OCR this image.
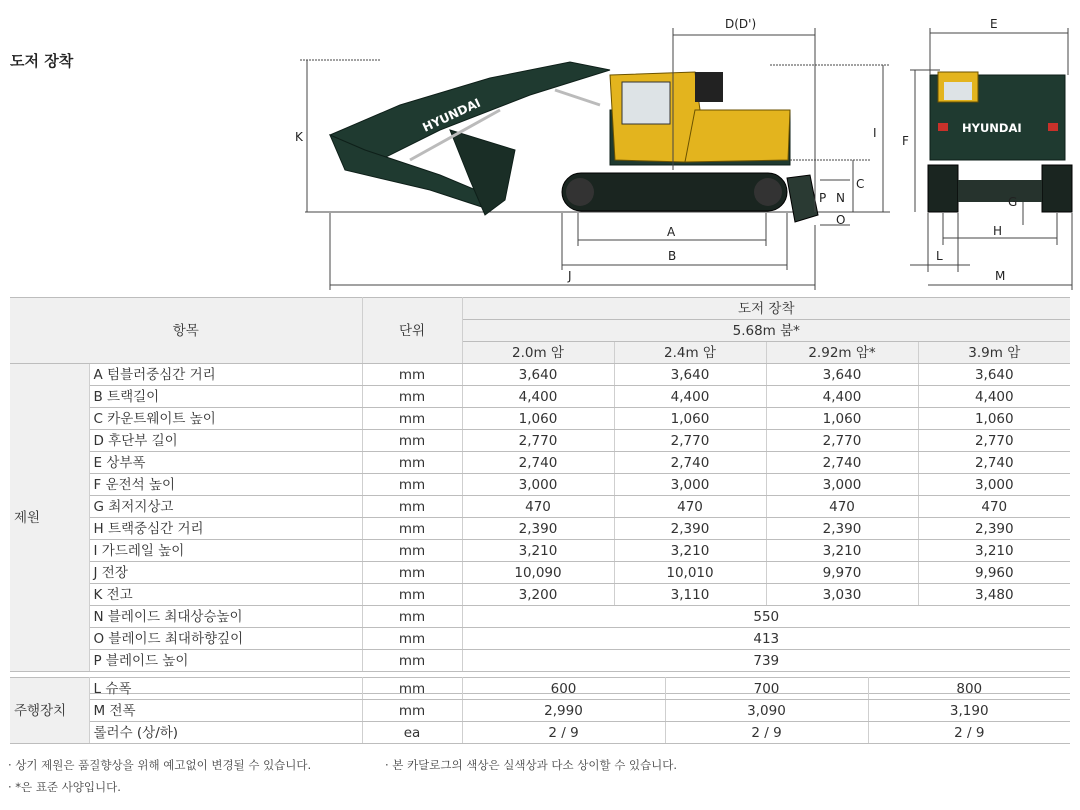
도저 장착
HYUNDAI
K
D(D')
I
C
P N
O
A
B
J
HYUNDAI
E
F
G
H
L
M
항목		단위	도저 장착			
			5.68m 붐*			
			2.0m 암	2.4m 암	2.92m 암*	3.9m 암
제원	A 텀블러중심간 거리	mm	3,640	3,640	3,640	3,640
	B 트랙길이	mm	4,400	4,400	4,400	4,400
	C 카운트웨이트 높이	mm	1,060	1,060	1,060	1,060
	D 후단부 길이	mm	2,770	2,770	2,770	2,770
	E 상부폭	mm	2,740	2,740	2,740	2,740
	F 운전석 높이	mm	3,000	3,000	3,000	3,000
	G 최저지상고	mm	470	470	470	470
	H 트랙중심간 거리	mm	2,390	2,390	2,390	2,390
	I 가드레일 높이	mm	3,210	3,210	3,210	3,210
	J 전장	mm	10,090	10,010	9,970	9,960
	K 전고	mm	3,200	3,110	3,030	3,480
	N 블레이드 최대상승높이	mm	550			
	O 블레이드 최대하향깊이	mm	413			
	P 블레이드 높이	mm	739			

주행장치	L 슈폭	mm	600	700	800
	M 전폭	mm	2,990	3,090	3,190
	롤러수 (상/하)	ea	2 / 9	2 / 9	2 / 9
· 상기 제원은 품질향상을 위해 예고없이 변경될 수 있습니다.	· 본 카달로그의 색상은 실색상과 다소 상이할 수 있습니다.
· *은 표준 사양입니다.
